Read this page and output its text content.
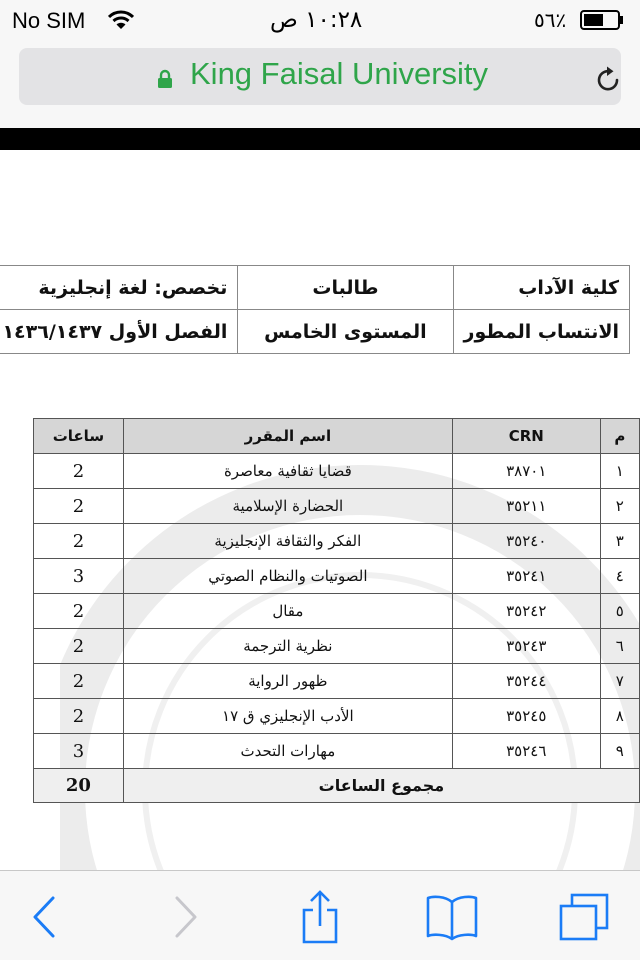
No SIM	١٠:٢٨ ص	٥٦٪
King Faisal University
كلية الآداب	طالبات	تخصص: لغة إنجليزية
الانتساب المطور	المستوى الخامس	الفصل الأول ١٤٣٦/١٤٣٧
م	CRN	اسم المقرر	ساعات
١	٣٨٧٠١	قضايا ثقافية معاصرة	2
٢	٣٥٢١١	الحضارة الإسلامية	2
٣	٣٥٢٤٠	الفكر والثقافة الإنجليزية	2
٤	٣٥٢٤١	الصوتيات والنظام الصوتي	3
٥	٣٥٢٤٢	مقال	2
٦	٣٥٢٤٣	نظرية الترجمة	2
٧	٣٥٢٤٤	ظهور الرواية	2
٨	٣٥٢٤٥	الأدب الإنجليزي ق ١٧	2
٩	٣٥٢٤٦	مهارات التحدث	3
مجموع الساعات			20
